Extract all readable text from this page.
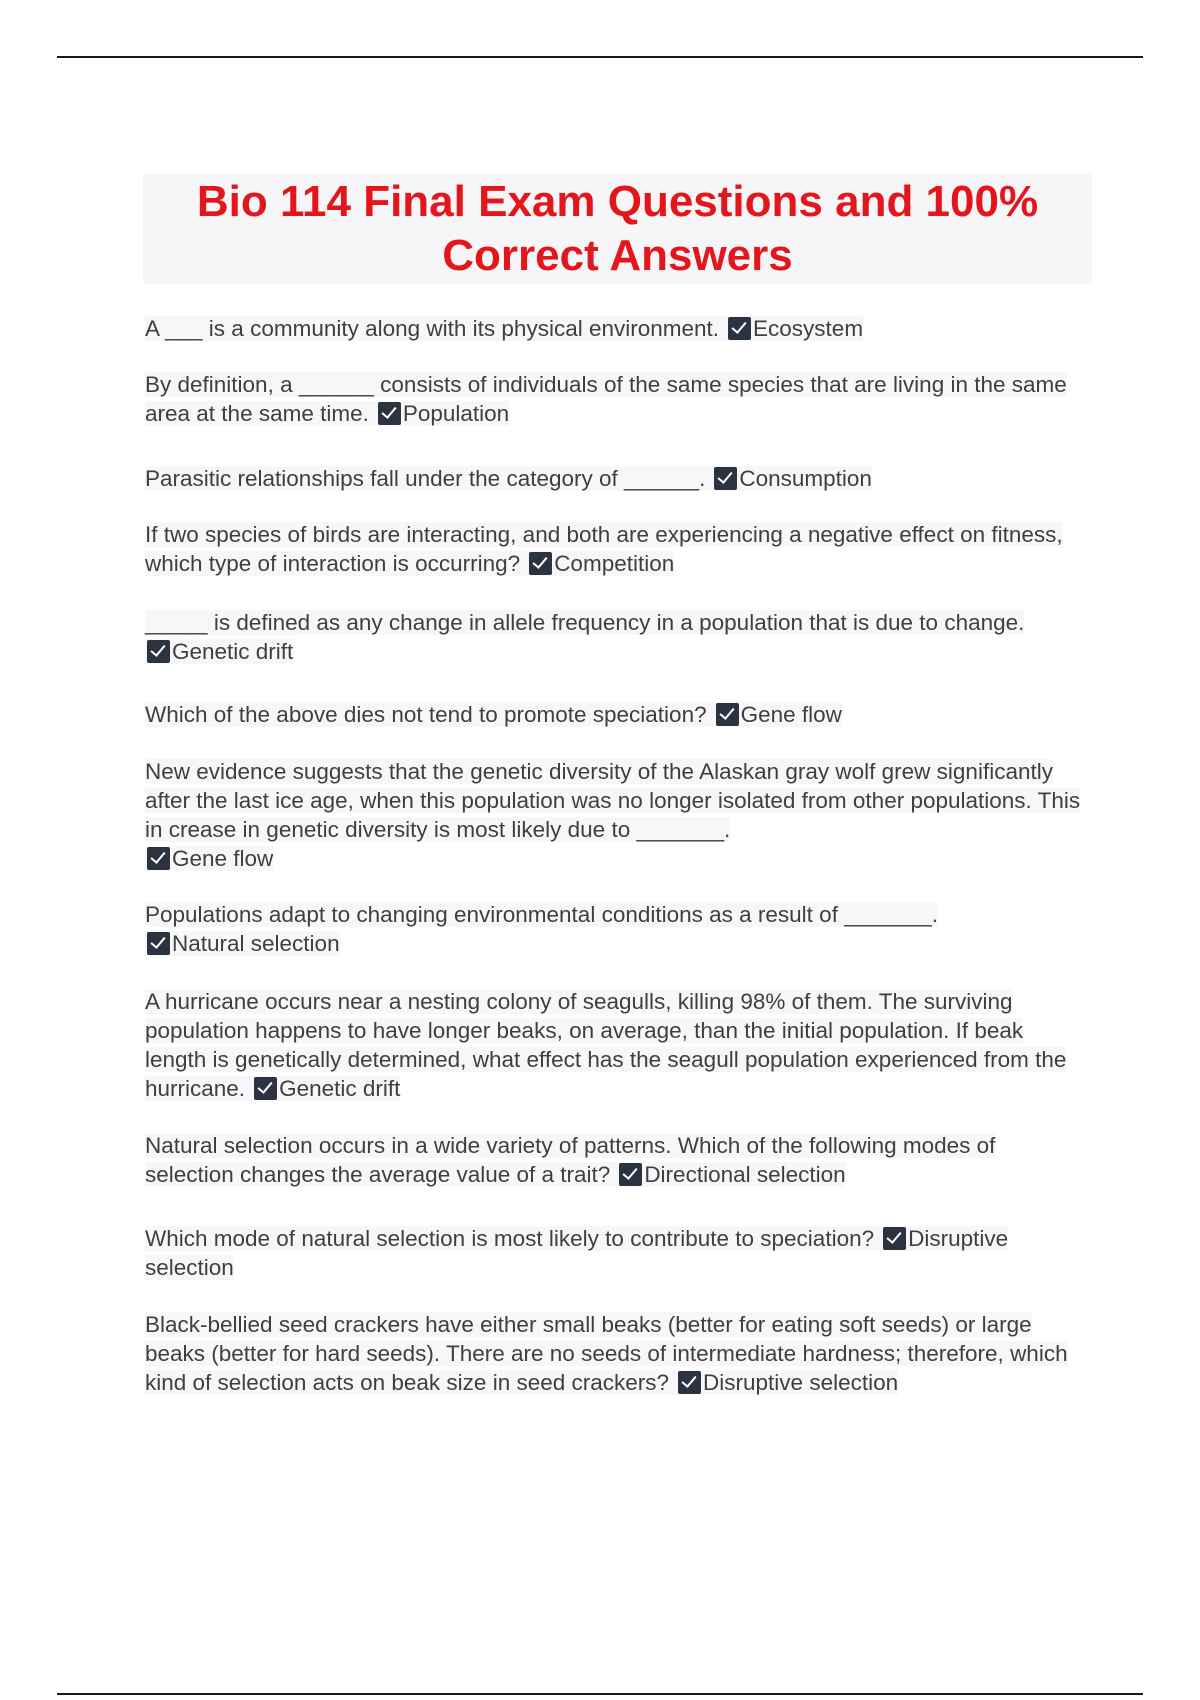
Bio 114 Final Exam Questions and 100% Correct Answers

A ___ is a community along with its physical environment. Ecosystem

By definition, a ______ consists of individuals of the same species that are living in the same area at the same time. Population

Parasitic relationships fall under the category of ______. Consumption

If two species of birds are interacting, and both are experiencing a negative effect on fitness, which type of interaction is occurring? Competition

_____ is defined as any change in allele frequency in a population that is due to change.
Genetic drift

Which of the above dies not tend to promote speciation? Gene flow

New evidence suggests that the genetic diversity of the Alaskan gray wolf grew significantly after the last ice age, when this population was no longer isolated from other populations. This in crease in genetic diversity is most likely due to _______.
Gene flow

Populations adapt to changing environmental conditions as a result of _______.
Natural selection

A hurricane occurs near a nesting colony of seagulls, killing 98% of them. The surviving population happens to have longer beaks, on average, than the initial population. If beak length is genetically determined, what effect has the seagull population experienced from the hurricane. Genetic drift

Natural selection occurs in a wide variety of patterns. Which of the following modes of selection changes the average value of a trait? Directional selection

Which mode of natural selection is most likely to contribute to speciation? Disruptive selection

Black-bellied seed crackers have either small beaks (better for eating soft seeds) or large beaks (better for hard seeds). There are no seeds of intermediate hardness; therefore, which kind of selection acts on beak size in seed crackers? Disruptive selection
